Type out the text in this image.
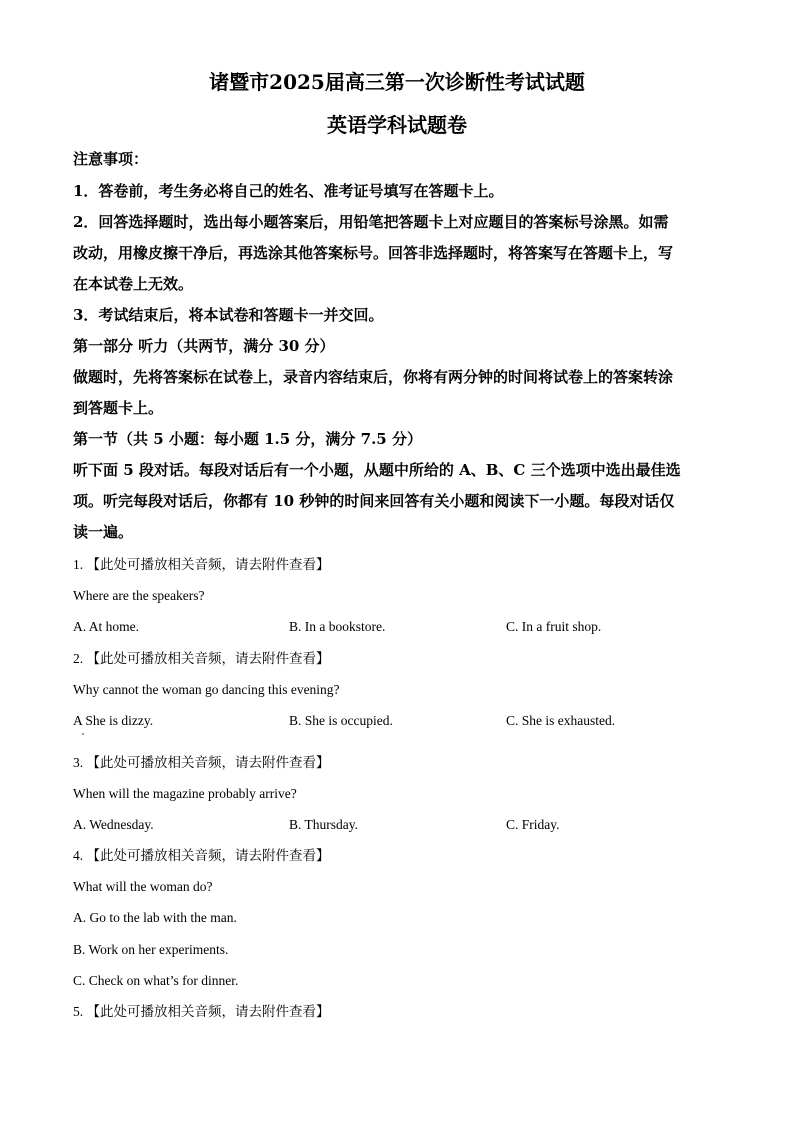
诸暨市2025届高三第一次诊断性考试试题
英语学科试题卷
注意事项：
1．答卷前，考生务必将自己的姓名、准考证号填写在答题卡上。
2．回答选择题时，选出每小题答案后，用铅笔把答题卡上对应题目的答案标号涂黑。如需
改动，用橡皮擦干净后，再选涂其他答案标号。回答非选择题时，将答案写在答题卡上，写
在本试卷上无效。
3．考试结束后，将本试卷和答题卡一并交回。
第一部分 听力（共两节，满分 30 分）
做题时，先将答案标在试卷上，录音内容结束后，你将有两分钟的时间将试卷上的答案转涂
到答题卡上。
第一节（共 5 小题：每小题 1.5 分，满分 7.5 分）
听下面 5 段对话。每段对话后有一个小题，从题中所给的 A、B、C 三个选项中选出最佳选
项。听完每段对话后，你都有 10 秒钟的时间来回答有关小题和阅读下一小题。每段对话仅
读一遍。
1. 【此处可播放相关音频，请去附件查看】
Where are the speakers?
A. At home.	B. In a bookstore.	C. In a fruit shop.
2. 【此处可播放相关音频，请去附件查看】
Why cannot the woman go dancing this evening?
A She is dizzy.	B. She is occupied.	C. She is exhausted.
3. 【此处可播放相关音频，请去附件查看】
When will the magazine probably arrive?
A. Wednesday.	B. Thursday.	C. Friday.
4. 【此处可播放相关音频，请去附件查看】
What will the woman do?
A. Go to the lab with the man.
B. Work on her experiments.
C. Check on what’s for dinner.
5. 【此处可播放相关音频，请去附件查看】
